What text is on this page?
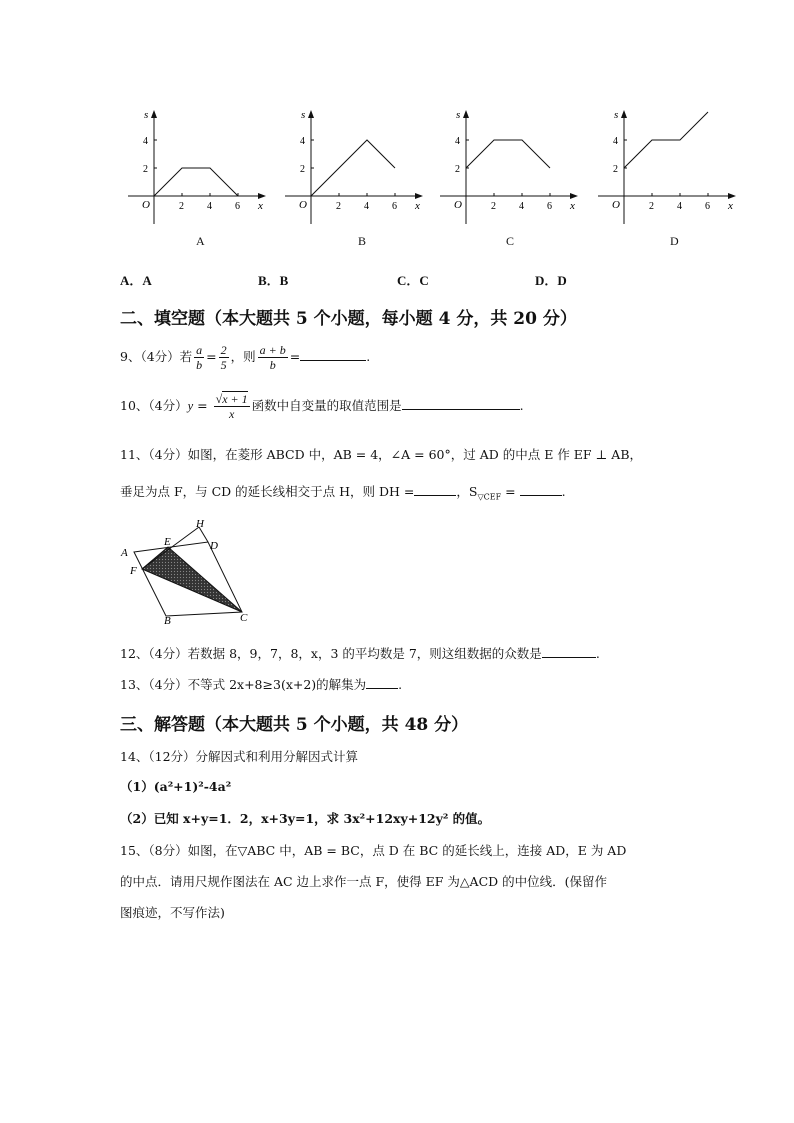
s
x
O	2 4 6
2
4
s
x
O	2 4 6
2
4
s
x
O	2 4 6
2
4
s
x
O	2 4 6
2
4
A	B	C	D
A．A	B．B	C．C	D．D
二、填空题（本大题共 5 个小题，每小题 4 分，共 20 分）
9、（4分）若 $\frac{a}{b} = \frac{2}{5}$ ，则 $\frac{a + b}{b}$ =	.
10、（4分）$y = \frac{√x + 1}{x}$ 函数中自变量的取值范围是	.
11、（4分）如图，在菱形 ABCD 中，AB = 4，∠A = 60°，过 AD 的中点 E 作 EF ⊥ AB，
垂足为点 F，与 CD 的延长线相交于点 H，则 DH =	，$S_{▽CEF}$ =	.
A
F
E
H
D
C
B
12、（4分）若数据 8，9，7，8，x，3 的平均数是 7，则这组数据的众数是	.
13、（4分）不等式 2x+8≥3(x+2)的解集为	.
三、解答题（本大题共 5 个小题，共 48 分）
14、（12分）分解因式和利用分解因式计算
（1）(a²+1)²-4a²
（2）已知 x+y=1．2，x+3y=1，求 3x²+12xy+12y² 的值。
15、（8分）如图，在▽ABC 中，AB = BC，点 D 在 BC 的延长线上，连接 AD，E 为 AD
的中点．请用尺规作图法在 AC 边上求作一点 F，使得 EF 为△ACD 的中位线．(保留作
图痕迹，不写作法)
